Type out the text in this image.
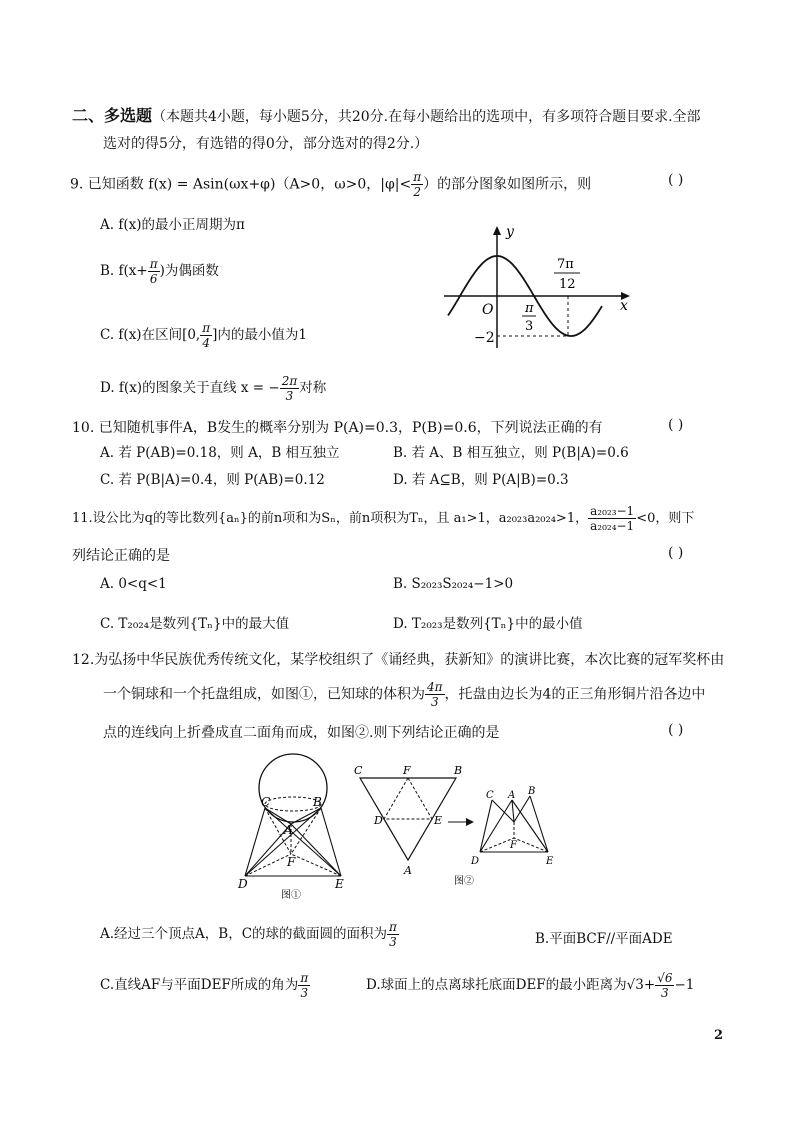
二、多选题（本题共4小题，每小题5分，共20分.在每小题给出的选项中，有多项符合题目要求.全部
选对的得5分，有选错的得0分，部分选对的得2分.）
9. 已知函数 f(x) = Asin(ωx+φ)（A>0，ω>0，$|\varphi|< \frac{\pi}{2}$ ）的部分图象如图所示，则	( )
A. f(x)的最小正周期为π
B. $f(x+ \frac{\pi}{6}$ )为偶函数
C. f(x)在区间[0, $\frac{\pi}{4}$ ]内的最小值为1
D. f(x)的图象关于直线 x = − $\frac{2\pi}{3}$ 对称
y
x
O
−2
π
3
7π
12
10. 已知随机事件A，B发生的概率分别为 P(A)=0.3，P(B)=0.6，下列说法正确的有	( )
A. 若 P(AB)=0.18，则 A，B 相互独立	B. 若 A、B 相互独立，则 P(B|A)=0.6
C. 若 P(B|A)=0.4，则 P(AB)=0.12	D. 若 A⊆B，则 P(A|B)=0.3
11.设公比为q的等比数列{aₙ}的前n项和为Sₙ，前n项积为Tₙ，且 a₁>1，a₂₀₂₃a₂₀₂₄>1， $\frac{\text{a₂₀₂₃−1}}{\text{a₂₀₂₄−1}} <0$，则下
列结论正确的是	( )
A. 0<q<1	B. S₂₀₂₃S₂₀₂₄−1>0
C. T₂₀₂₄是数列{Tₙ}中的最大值	D. T₂₀₂₃是数列{Tₙ}中的最小值
12.为弘扬中华民族优秀传统文化，某学校组织了《诵经典，获新知》的演讲比赛，本次比赛的冠军奖杯由
一个铜球和一个托盘组成，如图①，已知球的体积为 $\frac{4\pi}{3}$ ，托盘由边长为4的正三角形铜片沿各边中
点的连线向上折叠成直二面角而成，如图②.则下列结论正确的是	( )
C	B
A
F
D	E
图①
C	F	B
D	E
A
C A B
F
D	E
图②
A.经过三个顶点A，B，C的球的截面圆的面积为 $\frac{\pi}{3}$	B.平面BCF//平面ADE
C.直线AF与平面DEF所成的角为 $\frac{\pi}{3}$	D.球面上的点离球托底面DEF的最小距离为$√3+ \frac{√6}{3} -1$
2
